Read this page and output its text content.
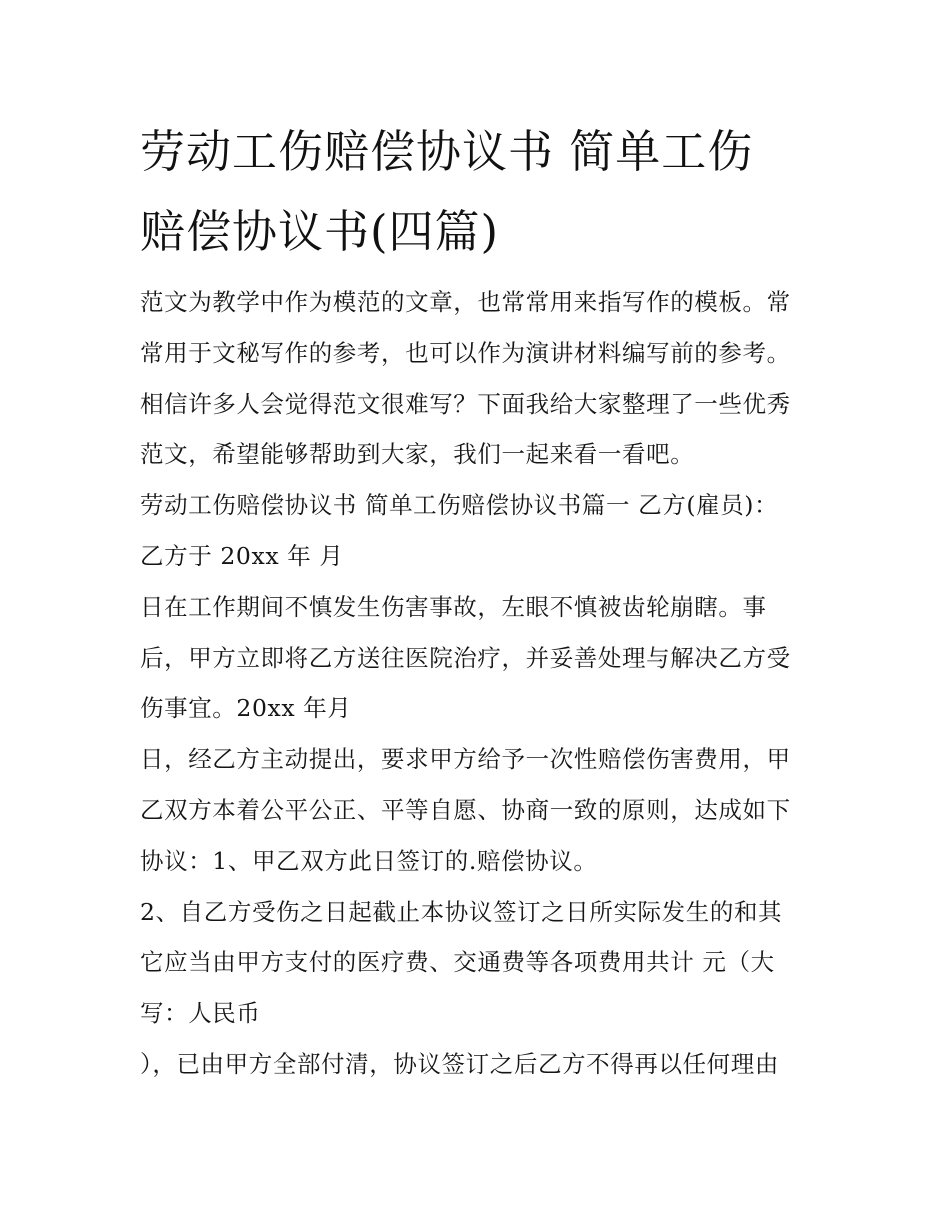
劳动工伤赔偿协议书 简单工伤
赔偿协议书(四篇)
范文为教学中作为模范的文章，也常常用来指写作的模板。常
常用于文秘写作的参考，也可以作为演讲材料编写前的参考。
相信许多人会觉得范文很难写？下面我给大家整理了一些优秀
范文，希望能够帮助到大家，我们一起来看一看吧。
劳动工伤赔偿协议书 简单工伤赔偿协议书篇一 乙方(雇员)：
乙方于 20xx 年 月
日在工作期间不慎发生伤害事故，左眼不慎被齿轮崩瞎。事
后，甲方立即将乙方送往医院治疗，并妥善处理与解决乙方受
伤事宜。20xx 年月
日，经乙方主动提出，要求甲方给予一次性赔偿伤害费用，甲
乙双方本着公平公正、平等自愿、协商一致的原则，达成如下
协议：1、甲乙双方此日签订的.赔偿协议。
2、自乙方受伤之日起截止本协议签订之日所实际发生的和其
它应当由甲方支付的医疗费、交通费等各项费用共计 元（大
写：人民币
），已由甲方全部付清，协议签订之后乙方不得再以任何理由
